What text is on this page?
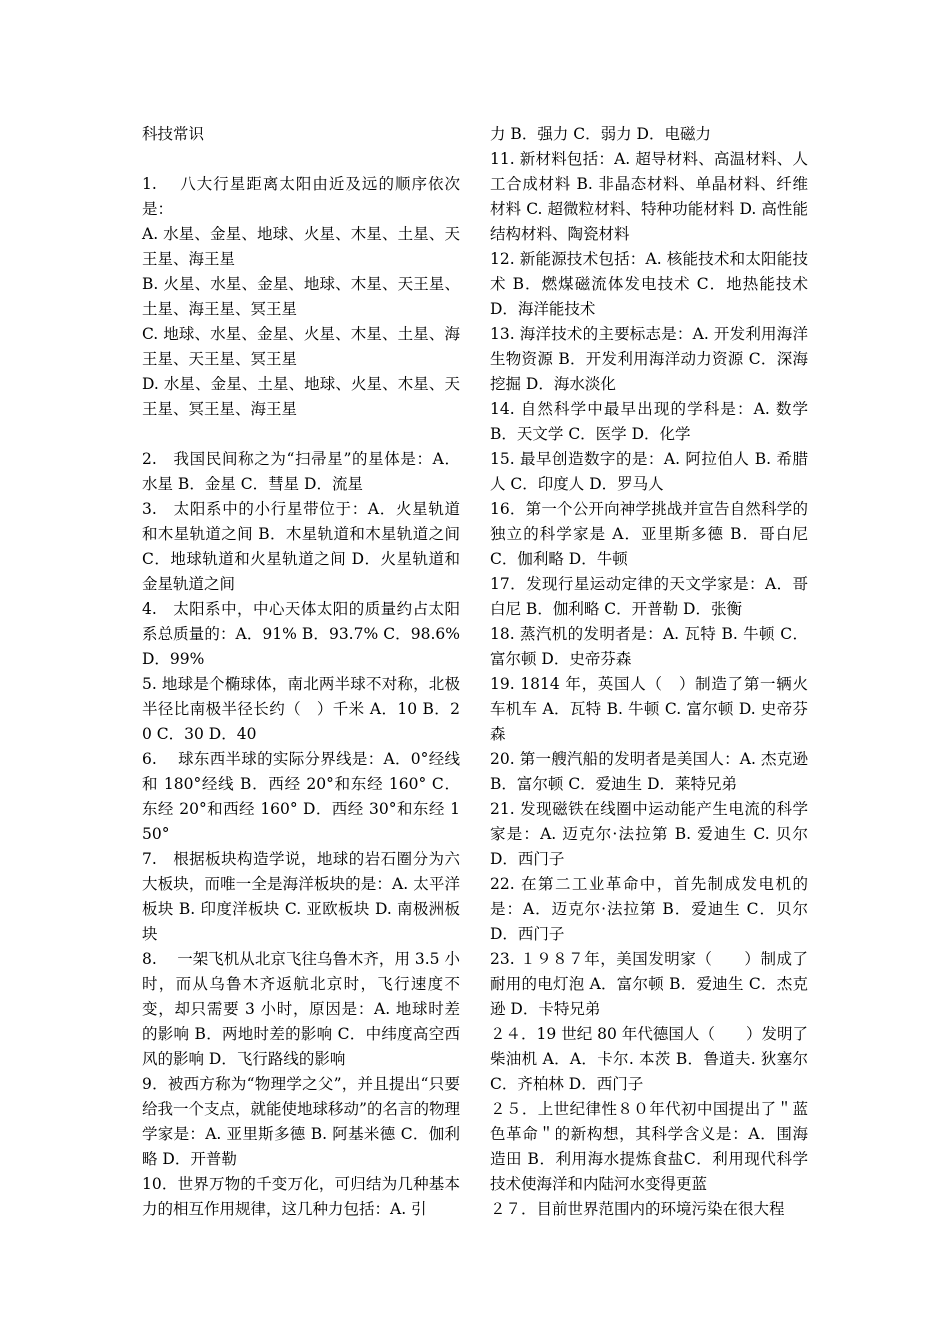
科技常识

1.　 八大行星距离太阳由近及远的顺序依次是：

A. 水星、金星、地球、火星、木星、土星、天王星、海王星

B. 火星、水星、金星、地球、木星、天王星、土星、海王星、冥王星

C. 地球、水星、金星、火星、木星、土星、海王星、天王星、冥王星

D. 水星、金星、土星、地球、火星、木星、天王星、冥王星、海王星

2.　我国民间称之为“扫帚星”的星体是：A．水星 B．金星 C．彗星 D．流星

3.　太阳系中的小行星带位于：A．火星轨道和木星轨道之间 B．木星轨道和木星轨道之间 C．地球轨道和火星轨道之间 D．火星轨道和金星轨道之间

4.　太阳系中，中心天体太阳的质量约占太阳系总质量的：A．91% B．93.7% C．98.6% D．99%

5. 地球是个椭球体，南北两半球不对称，北极半径比南极半径长约（　）千米 A．10 B．20 C．30 D．40

6.　 球东西半球的实际分界线是：A．0°经线和 180°经线 B．西经 20°和东经 160° C．东经 20°和西经 160° D．西经 30°和东经 150°

7.　根据板块构造学说，地球的岩石圈分为六大板块，而唯一全是海洋板块的是：A. 太平洋板块 B. 印度洋板块 C. 亚欧板块 D. 南极洲板块

8.　 一架飞机从北京飞往乌鲁木齐，用 3.5 小时，而从乌鲁木齐返航北京时，飞行速度不变，却只需要 3 小时，原因是：A. 地球时差的影响 B．两地时差的影响 C．中纬度高空西风的影响 D．飞行路线的影响

9．被西方称为“物理学之父”，并且提出“只要给我一个支点，就能使地球移动”的名言的物理学家是：A. 亚里斯多德 B. 阿基米德 C．伽利略 D．开普勒

10．世界万物的千变万化，可归结为几种基本力的相互作用规律，这几种力包括：A. 引

力 B．强力 C．弱力 D．电磁力

11. 新材料包括：A. 超导材料、高温材料、人工合成材料 B. 非晶态材料、单晶材料、纤维材料 C. 超微粒材料、特种功能材料 D. 高性能结构材料、陶瓷材料

12. 新能源技术包括：A. 核能技术和太阳能技术 B．燃煤磁流体发电技术 C．地热能技术 D．海洋能技术

13. 海洋技术的主要标志是：A. 开发利用海洋生物资源 B．开发利用海洋动力资源 C．深海挖掘 D．海水淡化

14. 自然科学中最早出现的学科是：A. 数学 B．天文学 C．医学 D．化学

15. 最早创造数字的是：A. 阿拉伯人 B. 希腊人 C．印度人 D．罗马人

16．第一个公开向神学挑战并宣告自然科学的独立的科学家是 A．亚里斯多德 B．哥白尼 C．伽利略 D．牛顿

17．发现行星运动定律的天文学家是：A．哥白尼 B．伽利略 C．开普勒 D．张衡

18. 蒸汽机的发明者是：A. 瓦特 B. 牛顿 C．富尔顿 D．史帝芬森

19. 1814 年，英国人（　）制造了第一辆火车机车 A．瓦特 B. 牛顿 C. 富尔顿 D. 史帝芬森

20. 第一艘汽船的发明者是美国人：A. 杰克逊 B．富尔顿 C．爱迪生 D．莱特兄弟

21. 发现磁铁在线圈中运动能产生电流的科学家是：A. 迈克尔·法拉第 B. 爱迪生 C. 贝尔 D．西门子

22. 在第二工业革命中，首先制成发电机的是：A．迈克尔·法拉第 B．爱迪生 C．贝尔 D．西门子

23. １９８７年，美国发明家（　　）制成了耐用的电灯泡 A．富尔顿 B．爱迪生 C．杰克逊 D．卡特兄弟

２４．19 世纪 80 年代德国人（　　）发明了柴油机 A．A．卡尔. 本茨 B．鲁道夫. 狄塞尔 C．齐柏林 D．西门子

２５．上世纪律性８０年代初中国提出了＂蓝色革命＂的新构想，其科学含义是：A．围海造田 B．利用海水提炼食盐C．利用现代科学技术使海洋和内陆河水变得更蓝

２７．目前世界范围内的环境污染在很大程
